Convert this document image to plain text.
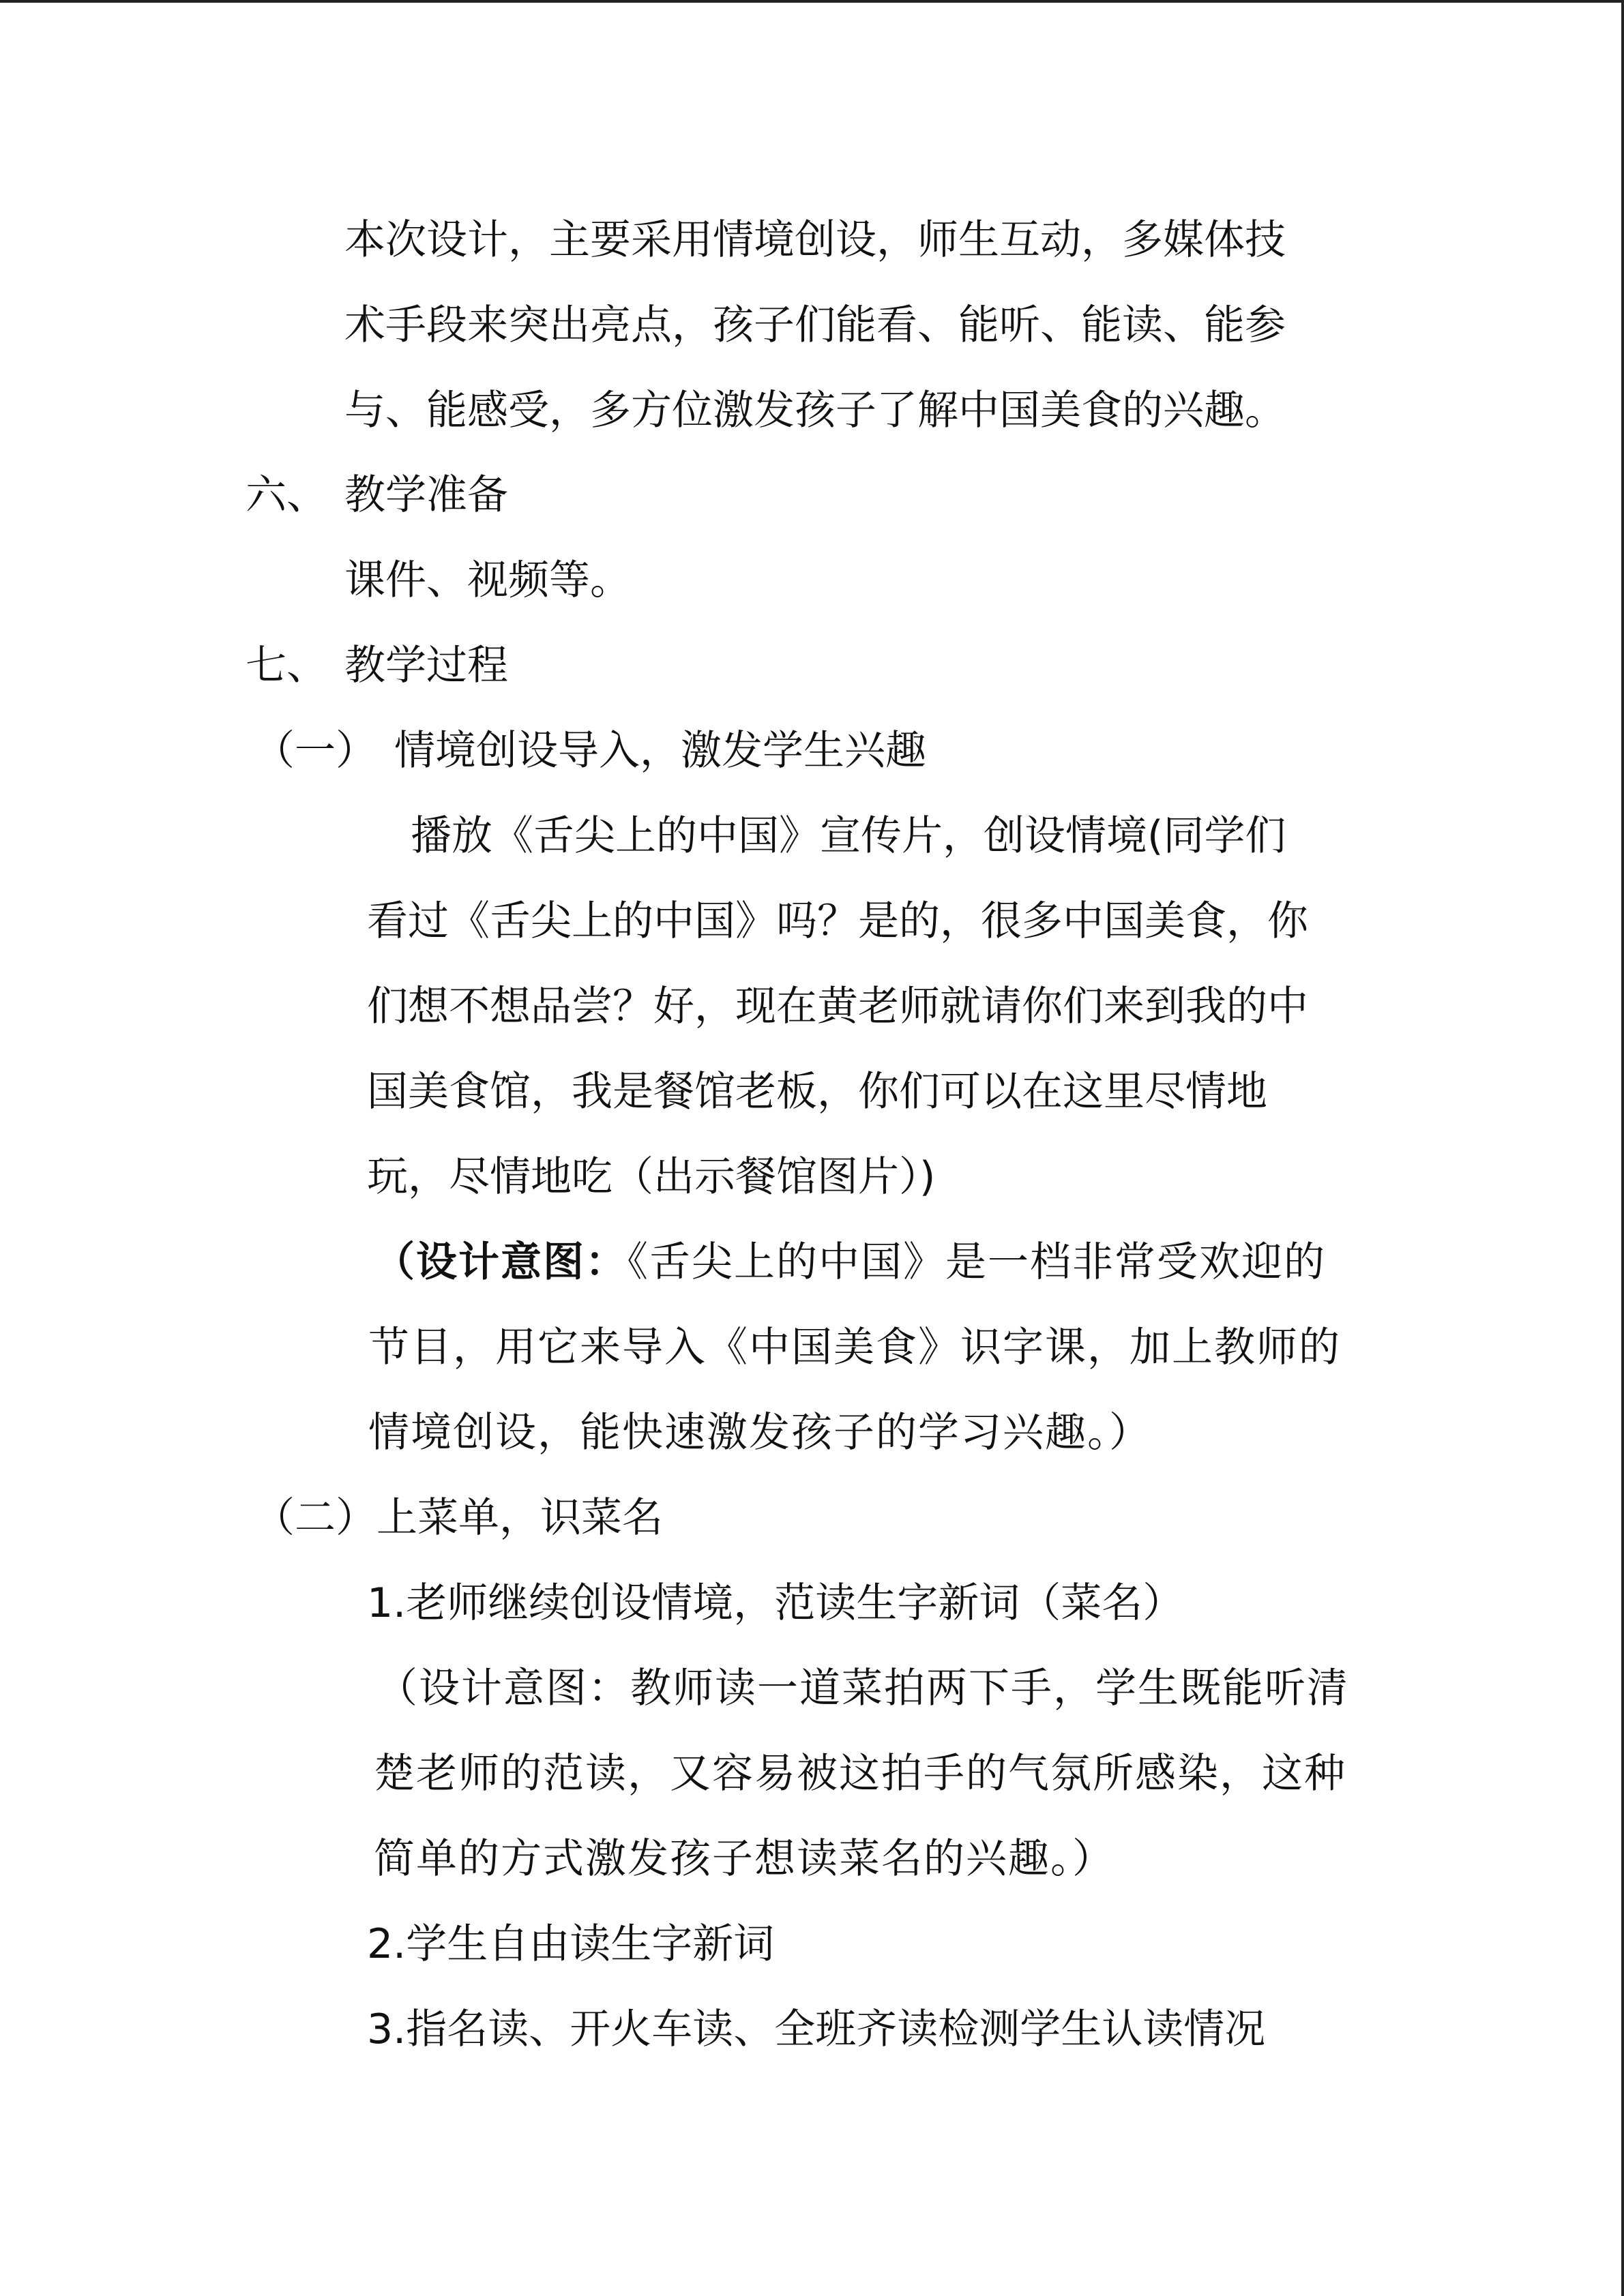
本次设计，主要采用情境创设，师生互动，多媒体技
术手段来突出亮点，孩子们能看、能听、能读、能参
与、能感受，多方位激发孩子了解中国美食的兴趣。
六、 教学准备
课件、视频等。
七、 教学过程
（一） 情境创设导入，激发学生兴趣
播放《舌尖上的中国》宣传片，创设情境(同学们
看过《舌尖上的中国》吗？是的，很多中国美食，你
们想不想品尝？好，现在黄老师就请你们来到我的中
国美食馆，我是餐馆老板，你们可以在这里尽情地
玩，尽情地吃（出示餐馆图片）)
（设计意图：《舌尖上的中国》是一档非常受欢迎的
节目，用它来导入《中国美食》识字课，加上教师的
情境创设，能快速激发孩子的学习兴趣。）
（二）上菜单，识菜名
1.老师继续创设情境，范读生字新词（菜名）
（设计意图：教师读一道菜拍两下手，学生既能听清
楚老师的范读，又容易被这拍手的气氛所感染，这种
简单的方式激发孩子想读菜名的兴趣。）
2.学生自由读生字新词
3.指名读、开火车读、全班齐读检测学生认读情况
